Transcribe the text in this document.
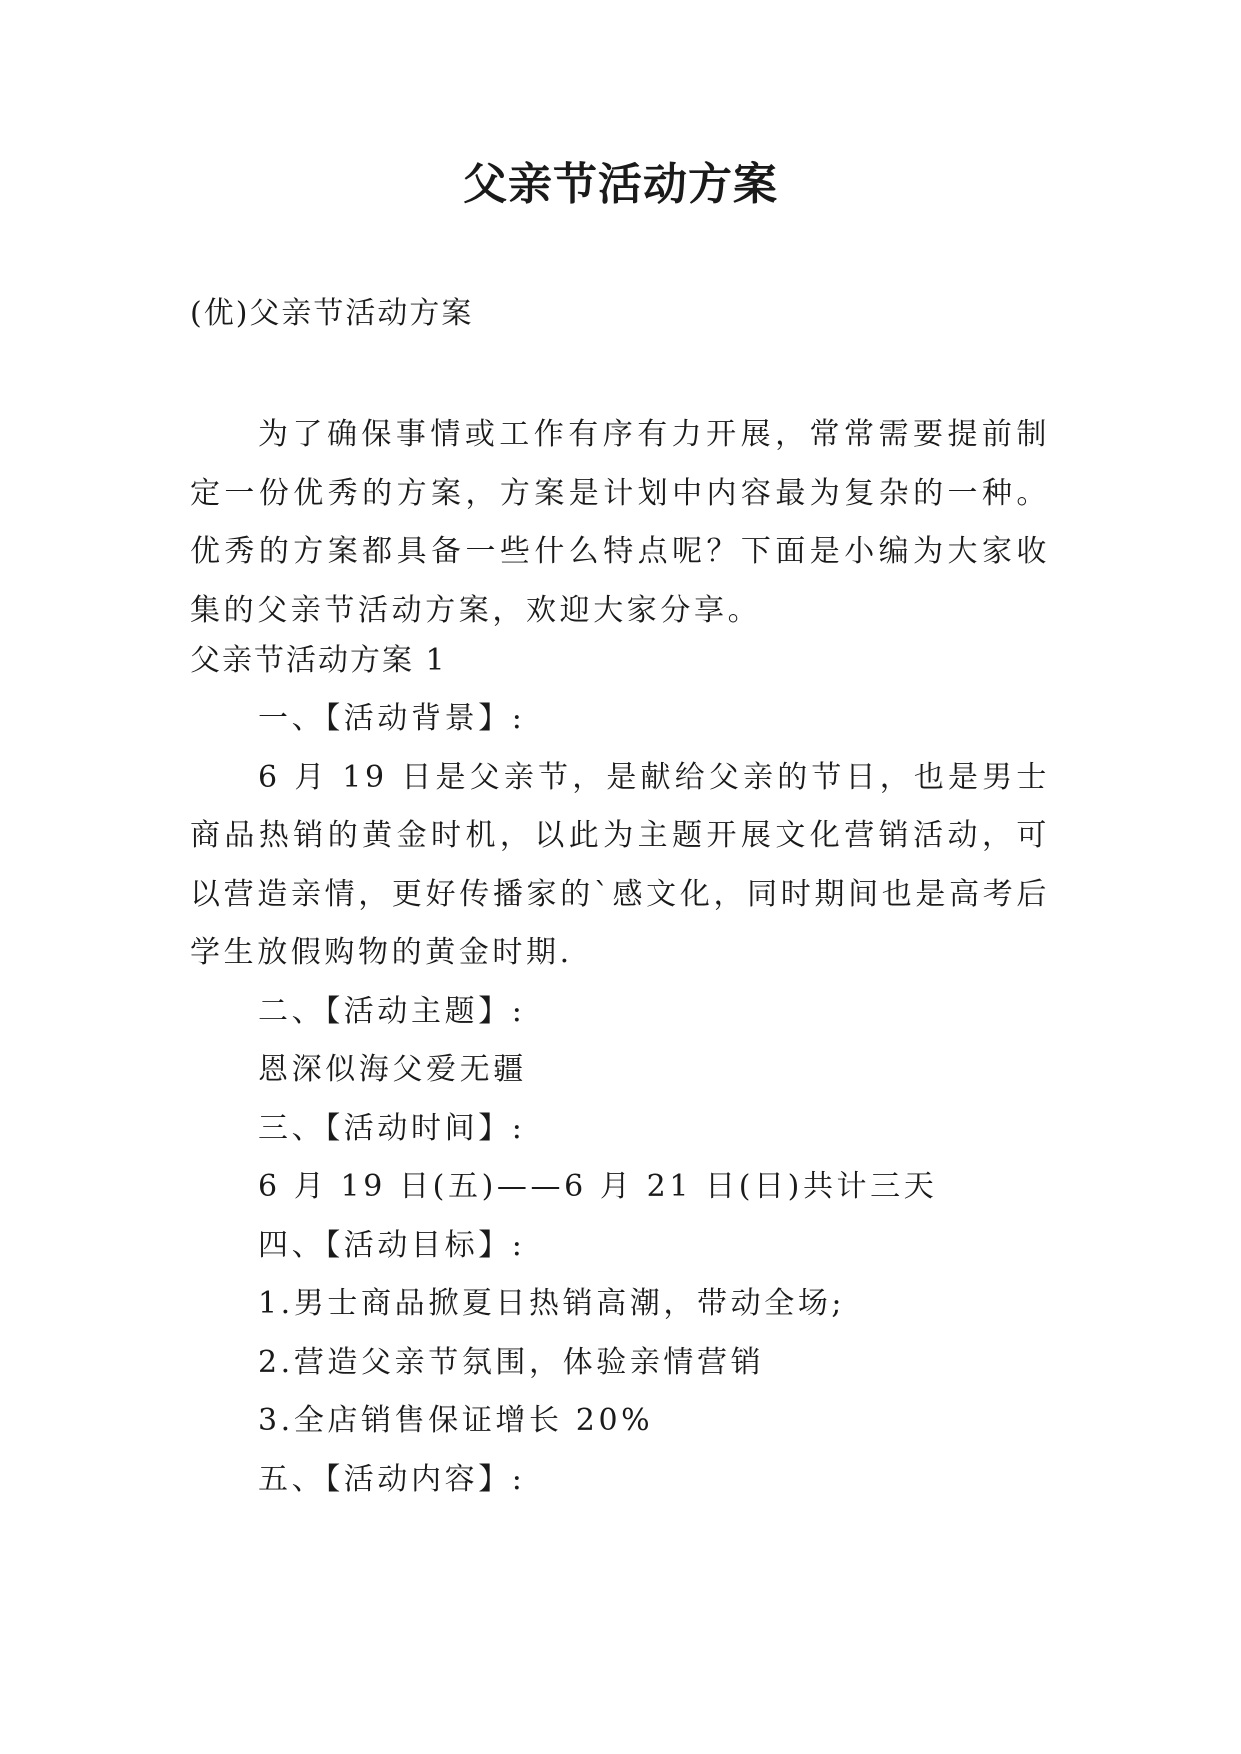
父亲节活动方案
(优)父亲节活动方案
为了确保事情或工作有序有力开展，常常需要提前制定一份优秀的方案，方案是计划中内容最为复杂的一种。优秀的方案都具备一些什么特点呢？下面是小编为大家收集的父亲节活动方案，欢迎大家分享。

父亲节活动方案 1

一、【活动背景】:

6 月 19 日是父亲节，是献给父亲的节日，也是男士商品热销的黄金时机，以此为主题开展文化营销活动，可以营造亲情，更好传播家的`感文化，同时期间也是高考后学生放假购物的黄金时期.

二、【活动主题】:

恩深似海父爱无疆

三、【活动时间】:

6 月 19 日(五)——6 月 21 日(日)共计三天

四、【活动目标】:

1.男士商品掀夏日热销高潮，带动全场;

2.营造父亲节氛围，体验亲情营销

3.全店销售保证增长 20%

五、【活动内容】:
